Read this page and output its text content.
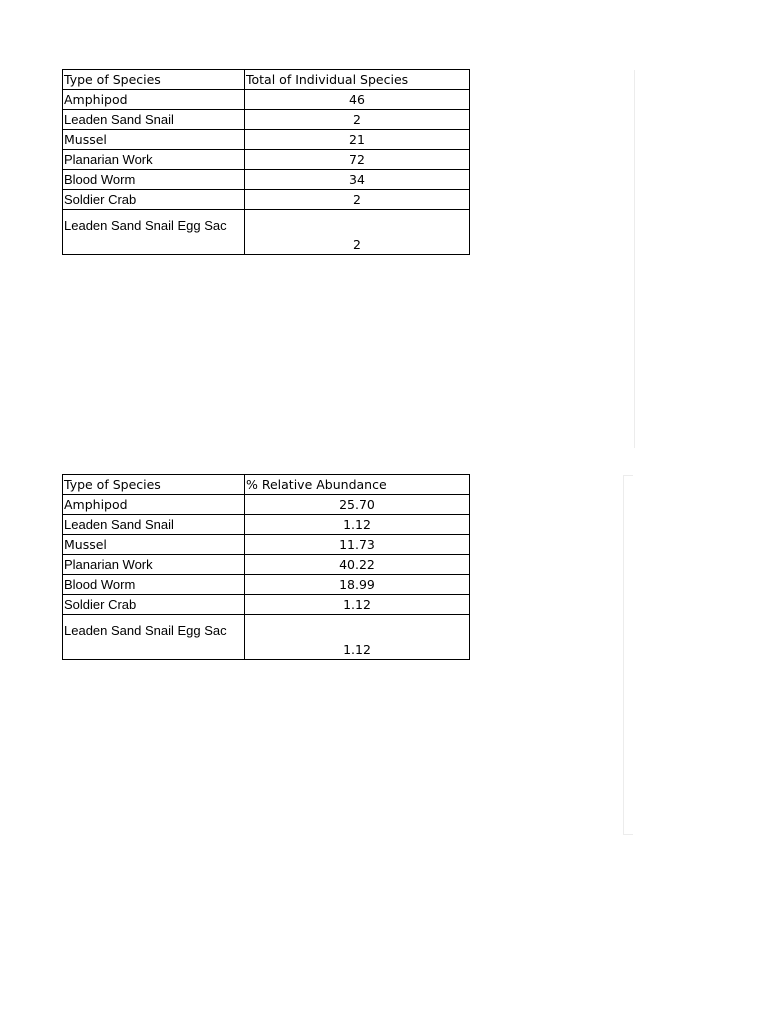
Type of Species	Total of Individual Species
Amphipod	46
Leaden Sand Snail	2
Mussel	21
Planarian Work	72
Blood Worm	34
Soldier Crab	2
Leaden Sand Snail Egg Sac	2
Type of Species	% Relative Abundance
Amphipod	25.70
Leaden Sand Snail	1.12
Mussel	11.73
Planarian Work	40.22
Blood Worm	18.99
Soldier Crab	1.12
Leaden Sand Snail Egg Sac	1.12
